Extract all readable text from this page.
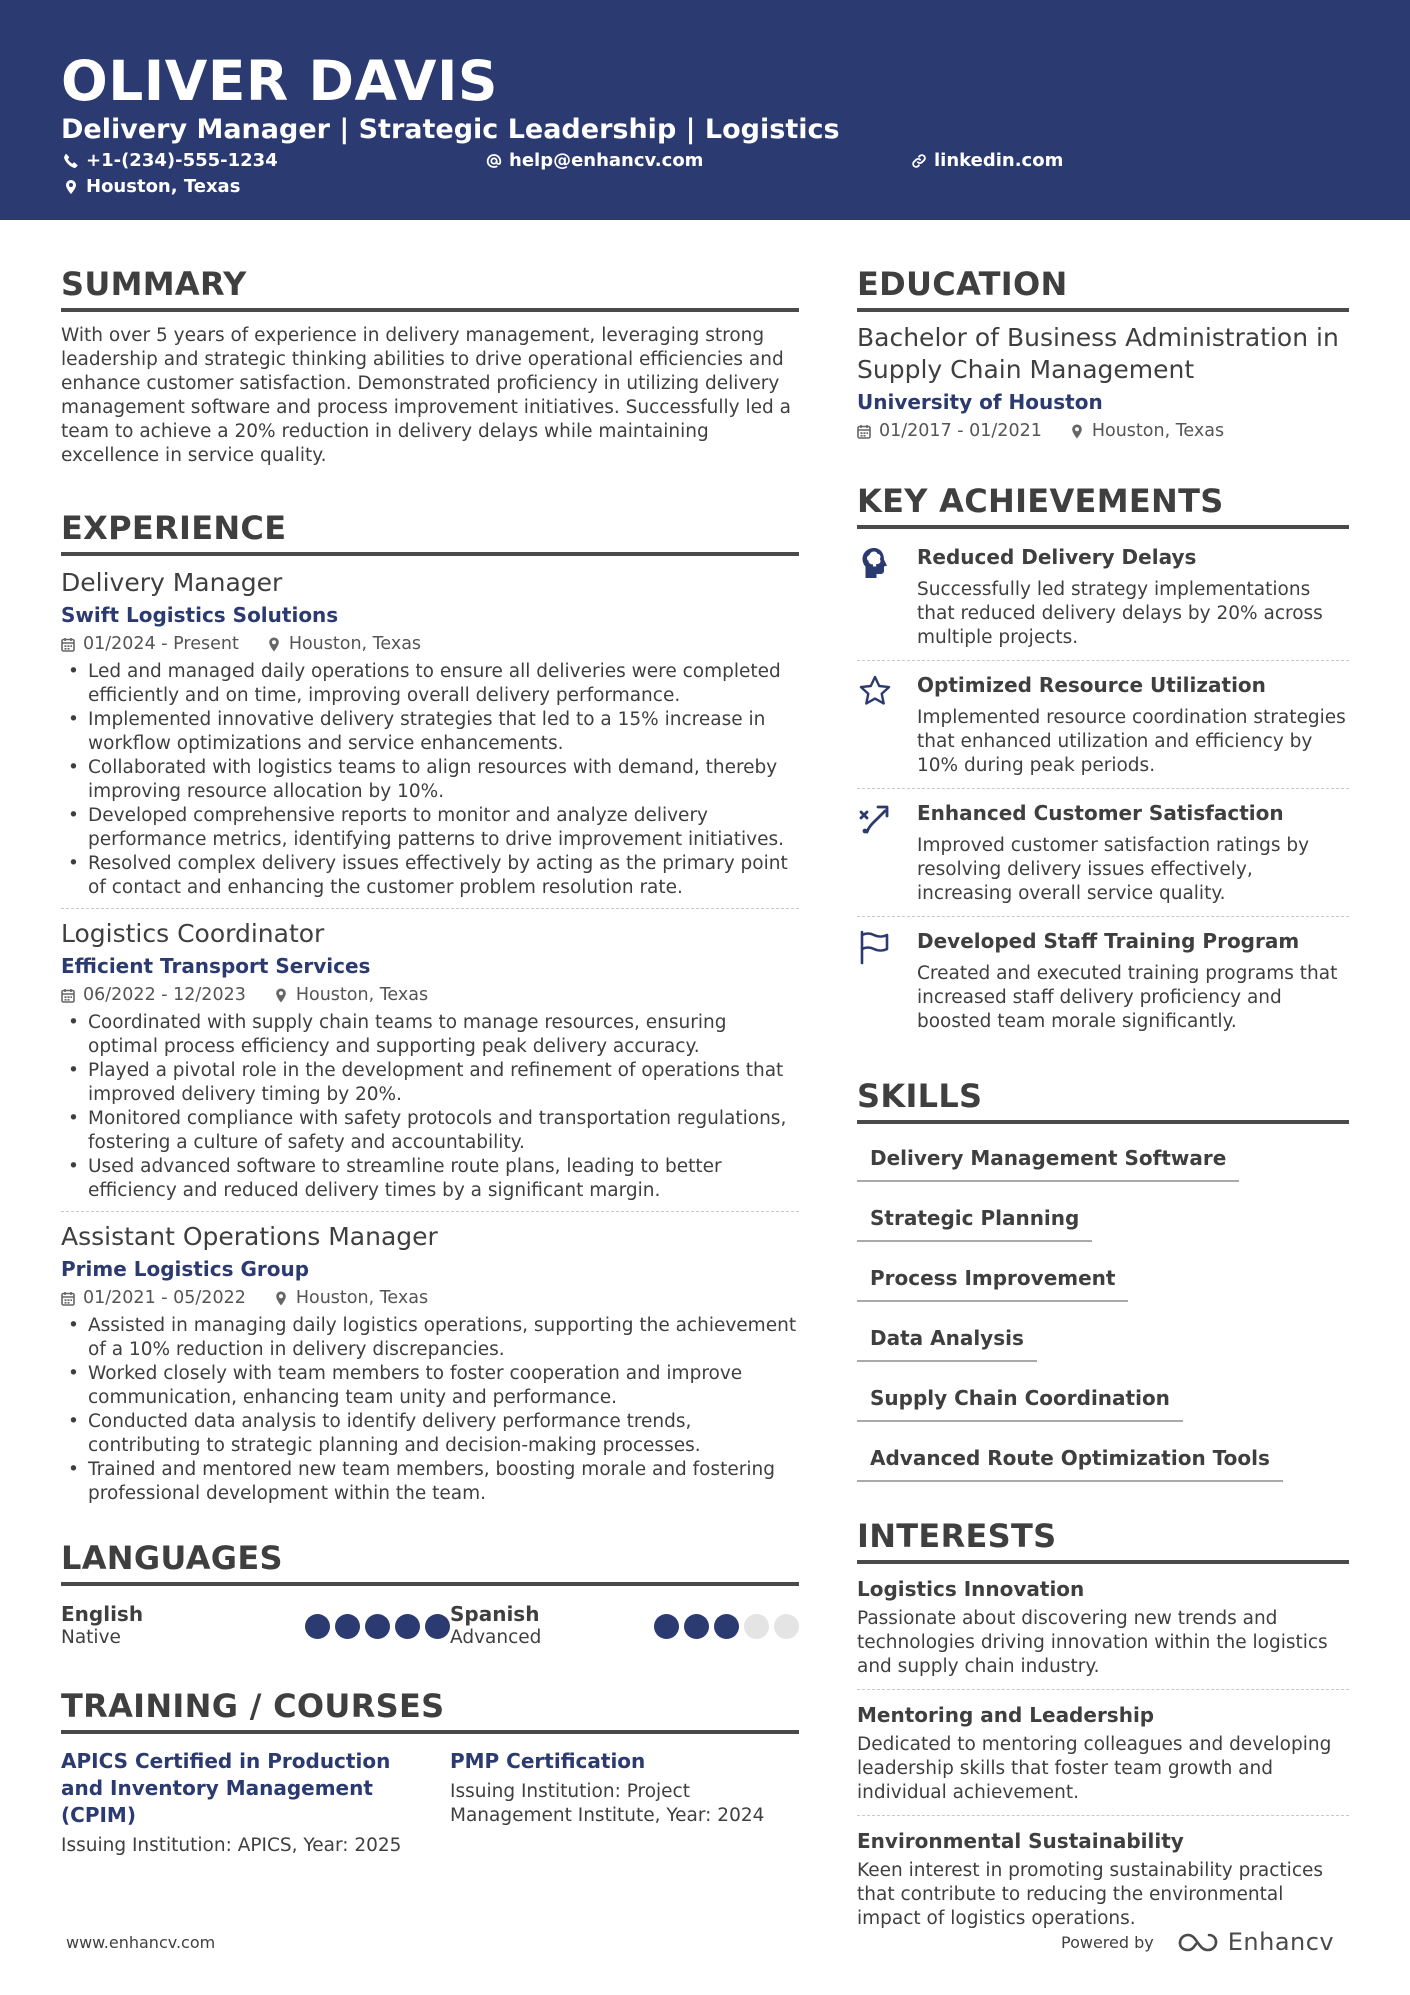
OLIVER DAVIS
Delivery Manager | Strategic Leadership | Logistics
+1-(234)-555-1234	help@enhancv.com	linkedin.com
Houston, Texas
SUMMARY

With over 5 years of experience in delivery management, leveraging strong leadership and strategic thinking abilities to drive operational efficiencies and enhance customer satisfaction. Demonstrated proficiency in utilizing delivery management software and process improvement initiatives. Successfully led a team to achieve a 20% reduction in delivery delays while maintaining excellence in service quality.

EXPERIENCE
Delivery Manager
Swift Logistics Solutions
01/2024 - Present	Houston, Texas
• Led and managed daily operations to ensure all deliveries were completed efficiently and on time, improving overall delivery performance.
• Implemented innovative delivery strategies that led to a 15% increase in workflow optimizations and service enhancements.
• Collaborated with logistics teams to align resources with demand, thereby improving resource allocation by 10%.
• Developed comprehensive reports to monitor and analyze delivery performance metrics, identifying patterns to drive improvement initiatives.
• Resolved complex delivery issues effectively by acting as the primary point of contact and enhancing the customer problem resolution rate.
Logistics Coordinator
Efficient Transport Services
06/2022 - 12/2023	Houston, Texas
• Coordinated with supply chain teams to manage resources, ensuring optimal process efficiency and supporting peak delivery accuracy.
• Played a pivotal role in the development and refinement of operations that improved delivery timing by 20%.
• Monitored compliance with safety protocols and transportation regulations, fostering a culture of safety and accountability.
• Used advanced software to streamline route plans, leading to better efficiency and reduced delivery times by a significant margin.
Assistant Operations Manager
Prime Logistics Group
01/2021 - 05/2022	Houston, Texas
• Assisted in managing daily logistics operations, supporting the achievement of a 10% reduction in delivery discrepancies.
• Worked closely with team members to foster cooperation and improve communication, enhancing team unity and performance.
• Conducted data analysis to identify delivery performance trends, contributing to strategic planning and decision-making processes.
• Trained and mentored new team members, boosting morale and fostering professional development within the team.
LANGUAGES
English
Native
Spanish
Advanced
TRAINING / COURSES
APICS Certified in Production and Inventory Management (CPIM)
Issuing Institution: APICS, Year: 2025
PMP Certification
Issuing Institution: Project Management Institute, Year: 2024
EDUCATION
Bachelor of Business Administration in Supply Chain Management
University of Houston
01/2017 - 01/2021	Houston, Texas
KEY ACHIEVEMENTS
Reduced Delivery Delays
Successfully led strategy implementations that reduced delivery delays by 20% across multiple projects.
Optimized Resource Utilization
Implemented resource coordination strategies that enhanced utilization and efficiency by 10% during peak periods.
Enhanced Customer Satisfaction
Improved customer satisfaction ratings by resolving delivery issues effectively, increasing overall service quality.
Developed Staff Training Program
Created and executed training programs that increased staff delivery proficiency and boosted team morale significantly.
SKILLS
Delivery Management Software
Strategic Planning
Process Improvement
Data Analysis
Supply Chain Coordination
Advanced Route Optimization Tools
INTERESTS
Logistics Innovation
Passionate about discovering new trends and technologies driving innovation within the logistics and supply chain industry.
Mentoring and Leadership
Dedicated to mentoring colleagues and developing leadership skills that foster team growth and individual achievement.
Environmental Sustainability
Keen interest in promoting sustainability practices that contribute to reducing the environmental impact of logistics operations.
www.enhancv.com	Powered by	Enhancv
